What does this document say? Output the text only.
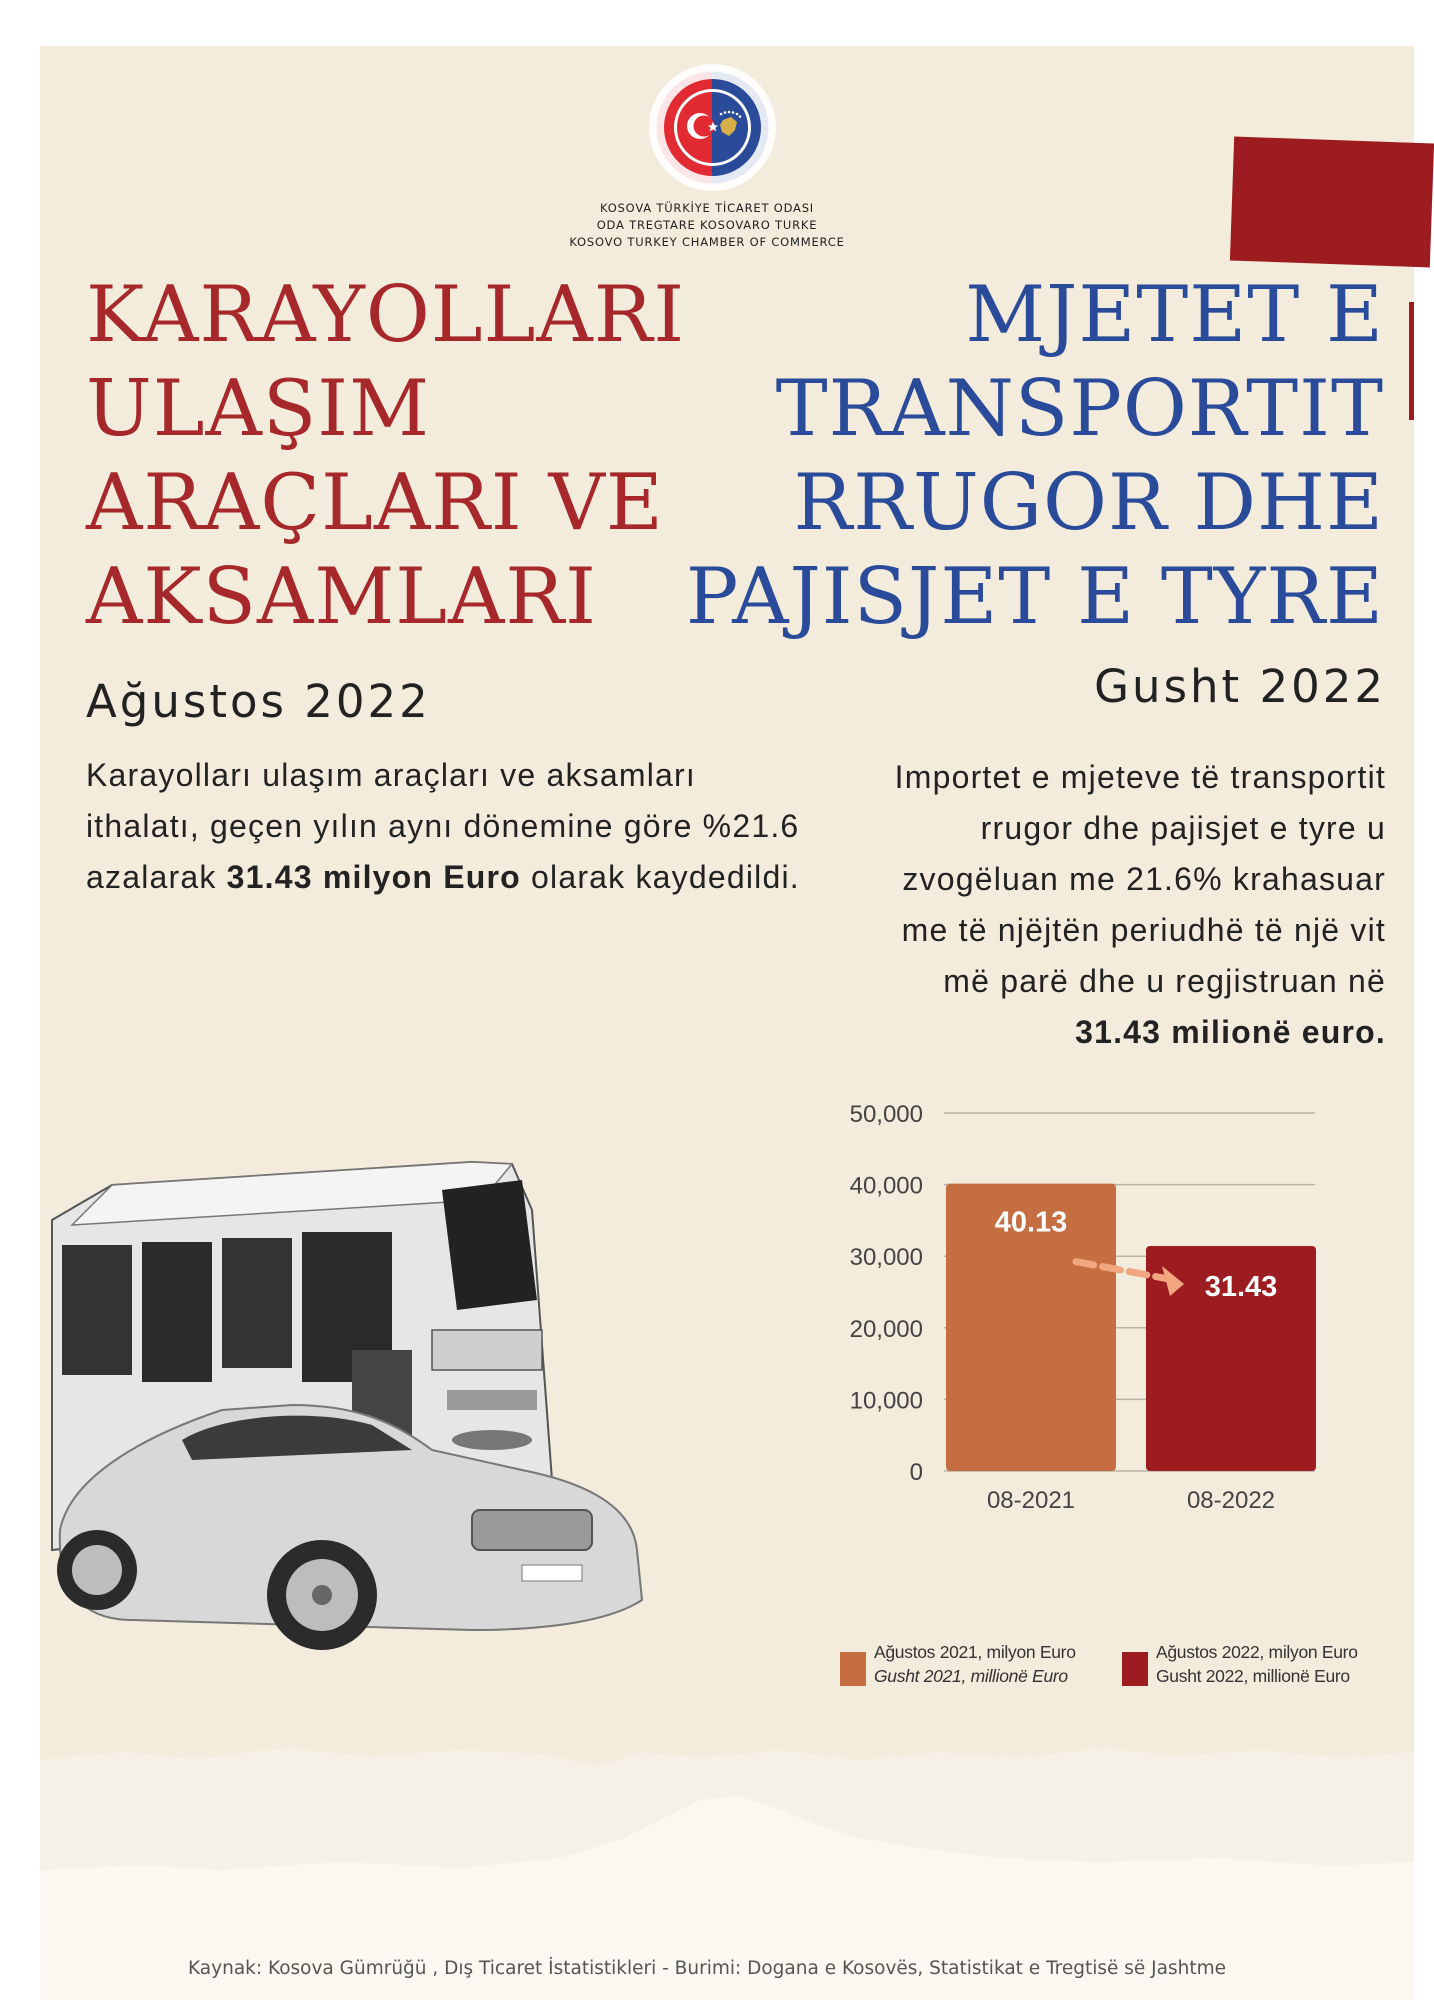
KOSOVA TÜRKİYE TİCARET ODASI
ODA TREGTARE KOSOVARO TURKE
KOSOVO TURKEY CHAMBER OF COMMERCE
KARAYOLLARI
ULAŞIM
ARAÇLARI VE
AKSAMLARI
MJETET E
TRANSPORTIT
RRUGOR DHE
PAJISJET E TYRE
Ağustos 2022	Gusht 2022
Karayolları ulaşım araçları ve aksamları ithalatı, geçen yılın aynı dönemine göre %21.6 azalarak 31.43 milyon Euro olarak kaydedildi.
Importet e mjeteve të transportit
rrugor dhe pajisjet e tyre u
zvogëluan me 21.6% krahasuar
me të njëjtën periudhë të një vit
më parë dhe u regjistruan në
31.43 milionë euro.
50,000
40,000
30,000
20,000
10,000
0
40.13
31.43
08-2021	08-2022
Ağustos 2021, milyon Euro
Gusht 2021, millionë Euro
Ağustos 2022, milyon Euro
Gusht 2022, millionë Euro
Kaynak: Kosova Gümrüğü , Dış Ticaret İstatistikleri - Burimi: Dogana e Kosovës, Statistikat e Tregtisë së Jashtme
